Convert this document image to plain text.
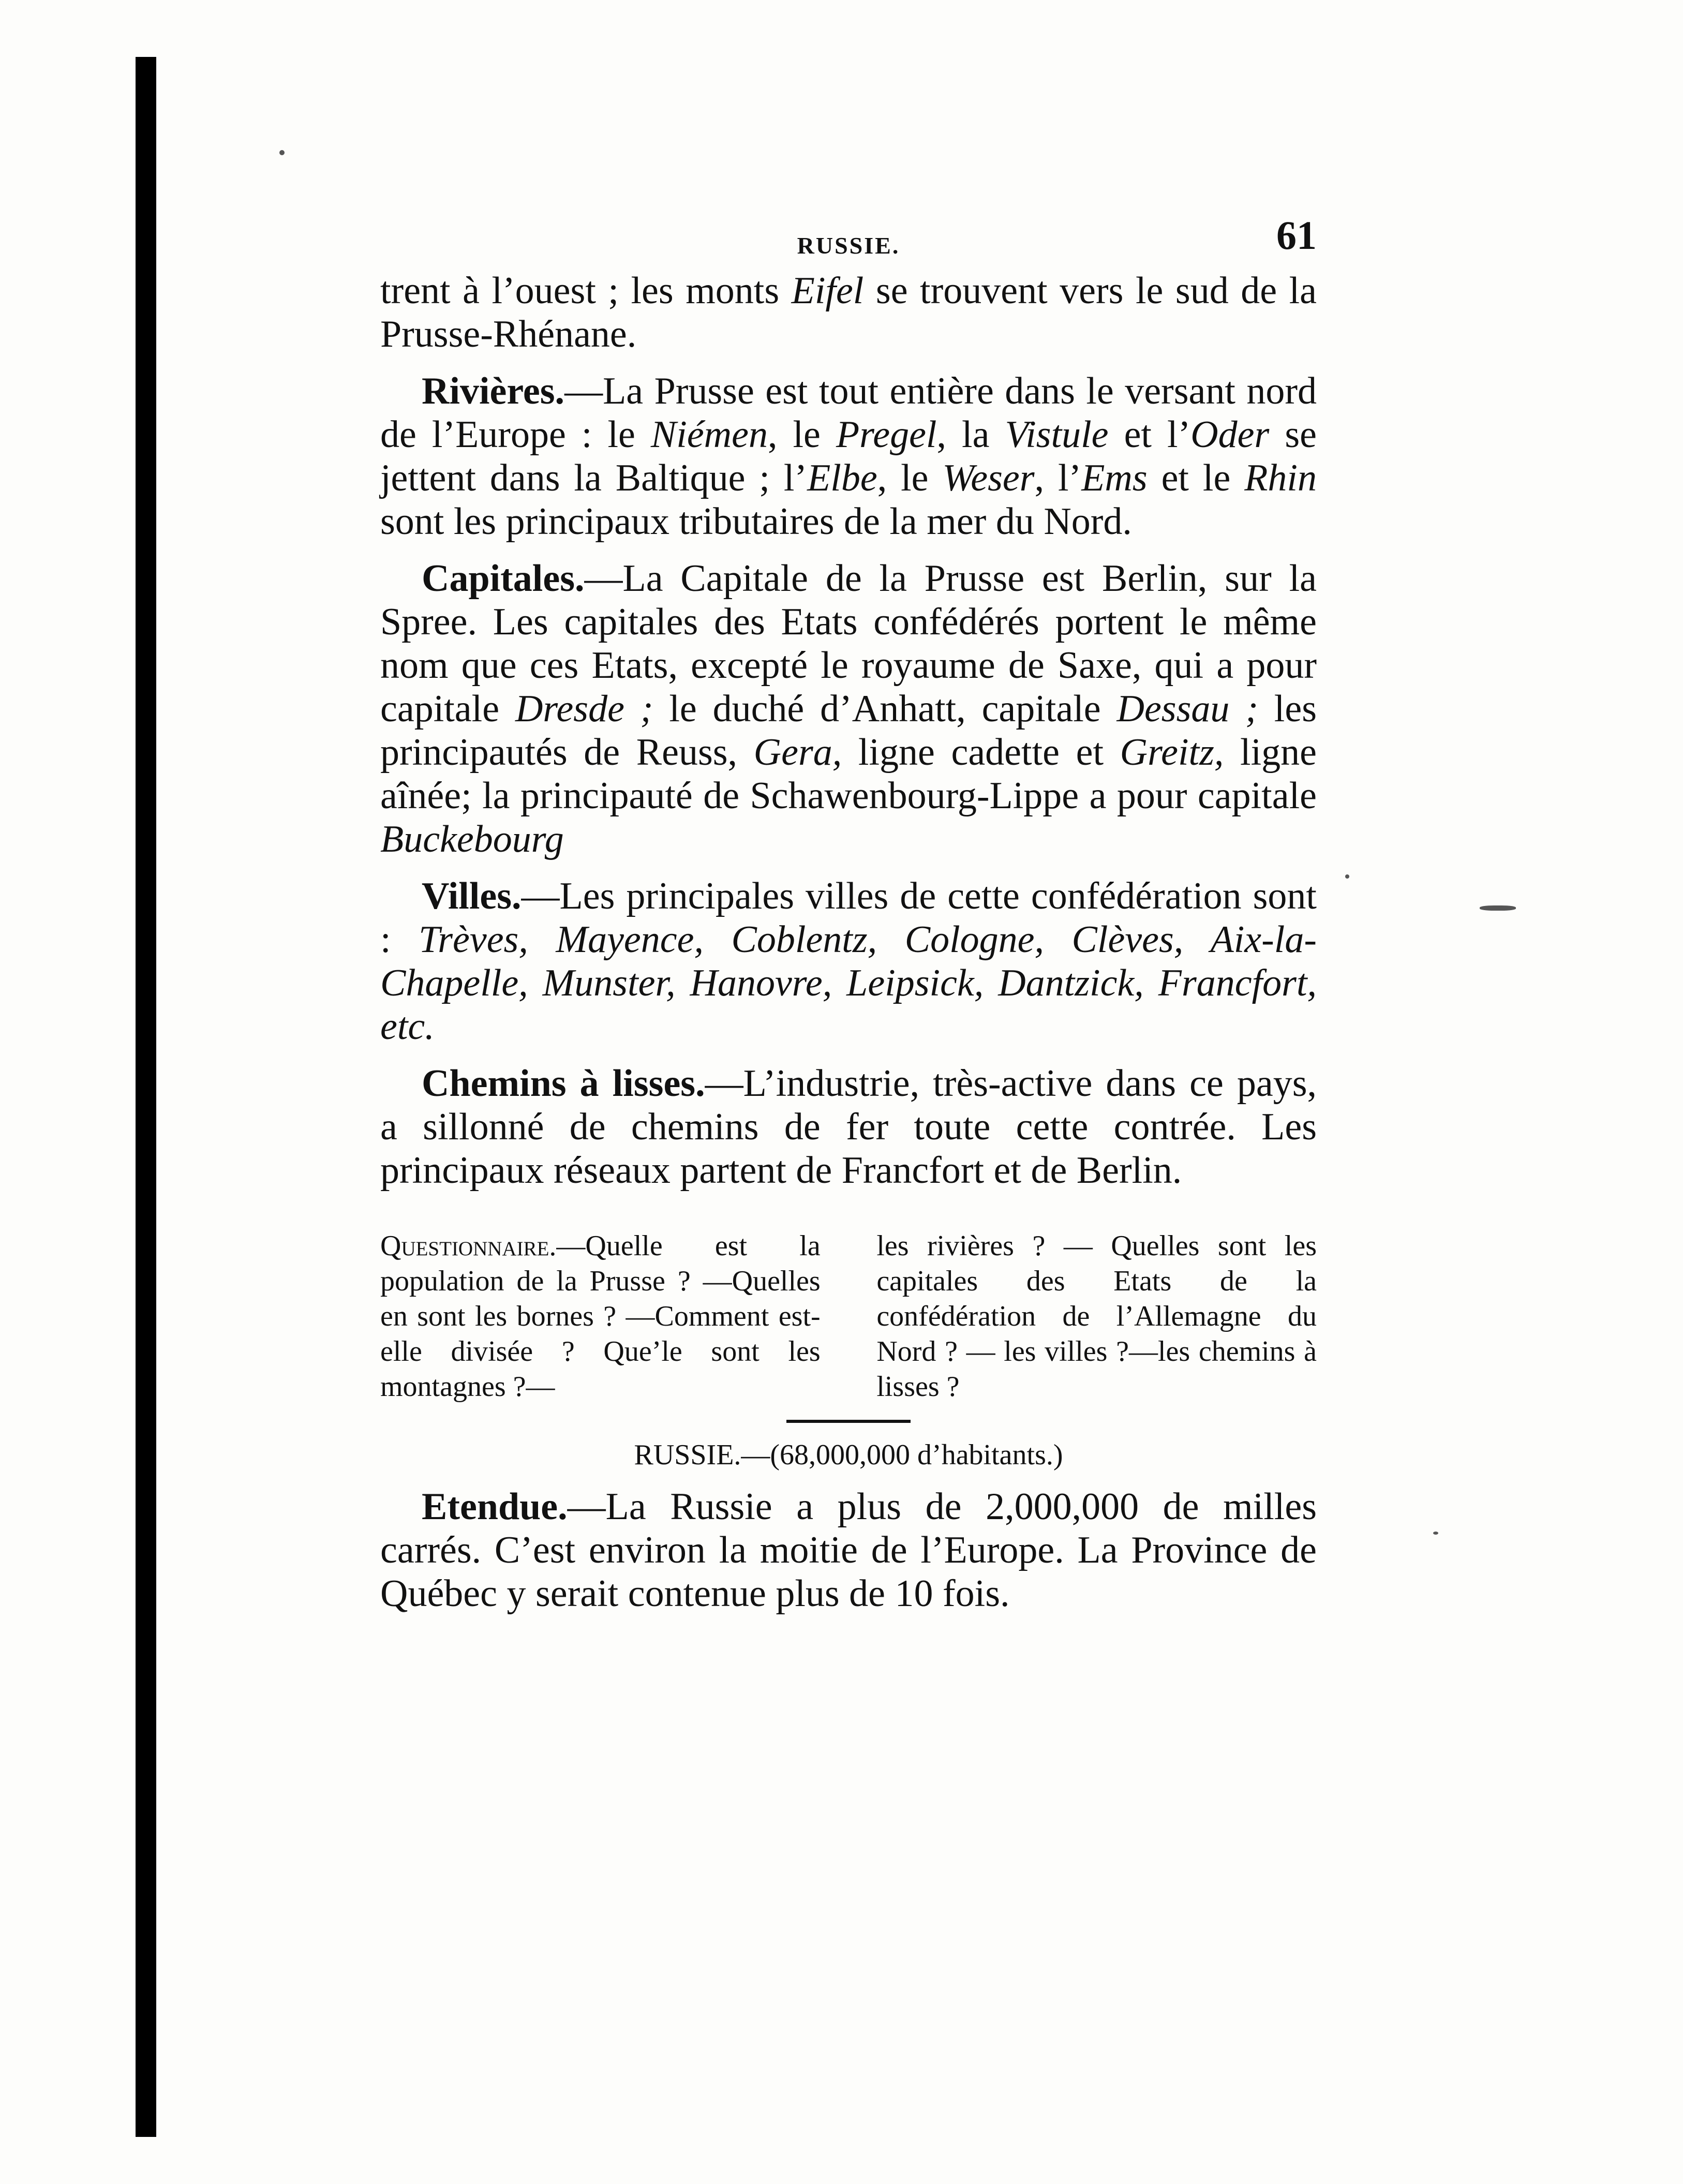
RUSSIE.	61

trent à l’ouest ; les monts Eifel se trouvent vers le sud de la Prusse-Rhénane.

Rivières.—La Prusse est tout entière dans le versant nord de l’Europe : le Niémen, le Pregel, la Vistule et l’Oder se jettent dans la Baltique ; l’Elbe, le Weser, l’Ems et le Rhin sont les principaux tributaires de la mer du Nord.

Capitales.—La Capitale de la Prusse est Berlin, sur la Spree. Les capitales des Etats confédérés portent le même nom que ces Etats, excepté le royaume de Saxe, qui a pour capitale Dresde ; le duché d’Anhatt, capitale Dessau ; les principautés de Reuss, Gera, ligne cadette et Greitz, ligne aînée; la principauté de Schawenbourg-Lippe a pour capitale Buckebourg

Villes.—Les principales villes de cette confédération sont : Trèves, Mayence, Coblentz, Cologne, Clèves, Aix-la-Chapelle, Munster, Hanovre, Leipsick, Dantzick, Francfort, etc.

Chemins à lisses.—L’industrie, très-active dans ce pays, a sillonné de chemins de fer toute cette contrée. Les principaux réseaux partent de Francfort et de Berlin.

Questionnaire.—Quelle est la population de la Prusse ? —Quelles en sont les bornes ? —Comment est-elle divisée ? Que’le sont les montagnes ?—
les rivières ? — Quelles sont les capitales des Etats de la confédération de l’Allemagne du Nord ? — les villes ?—les chemins à lisses ?
RUSSIE.—(68,000,000 d’habitants.)

Etendue.—La Russie a plus de 2,000,000 de milles carrés. C’est environ la moitie de l’Europe. La Province de Québec y serait contenue plus de 10 fois.
